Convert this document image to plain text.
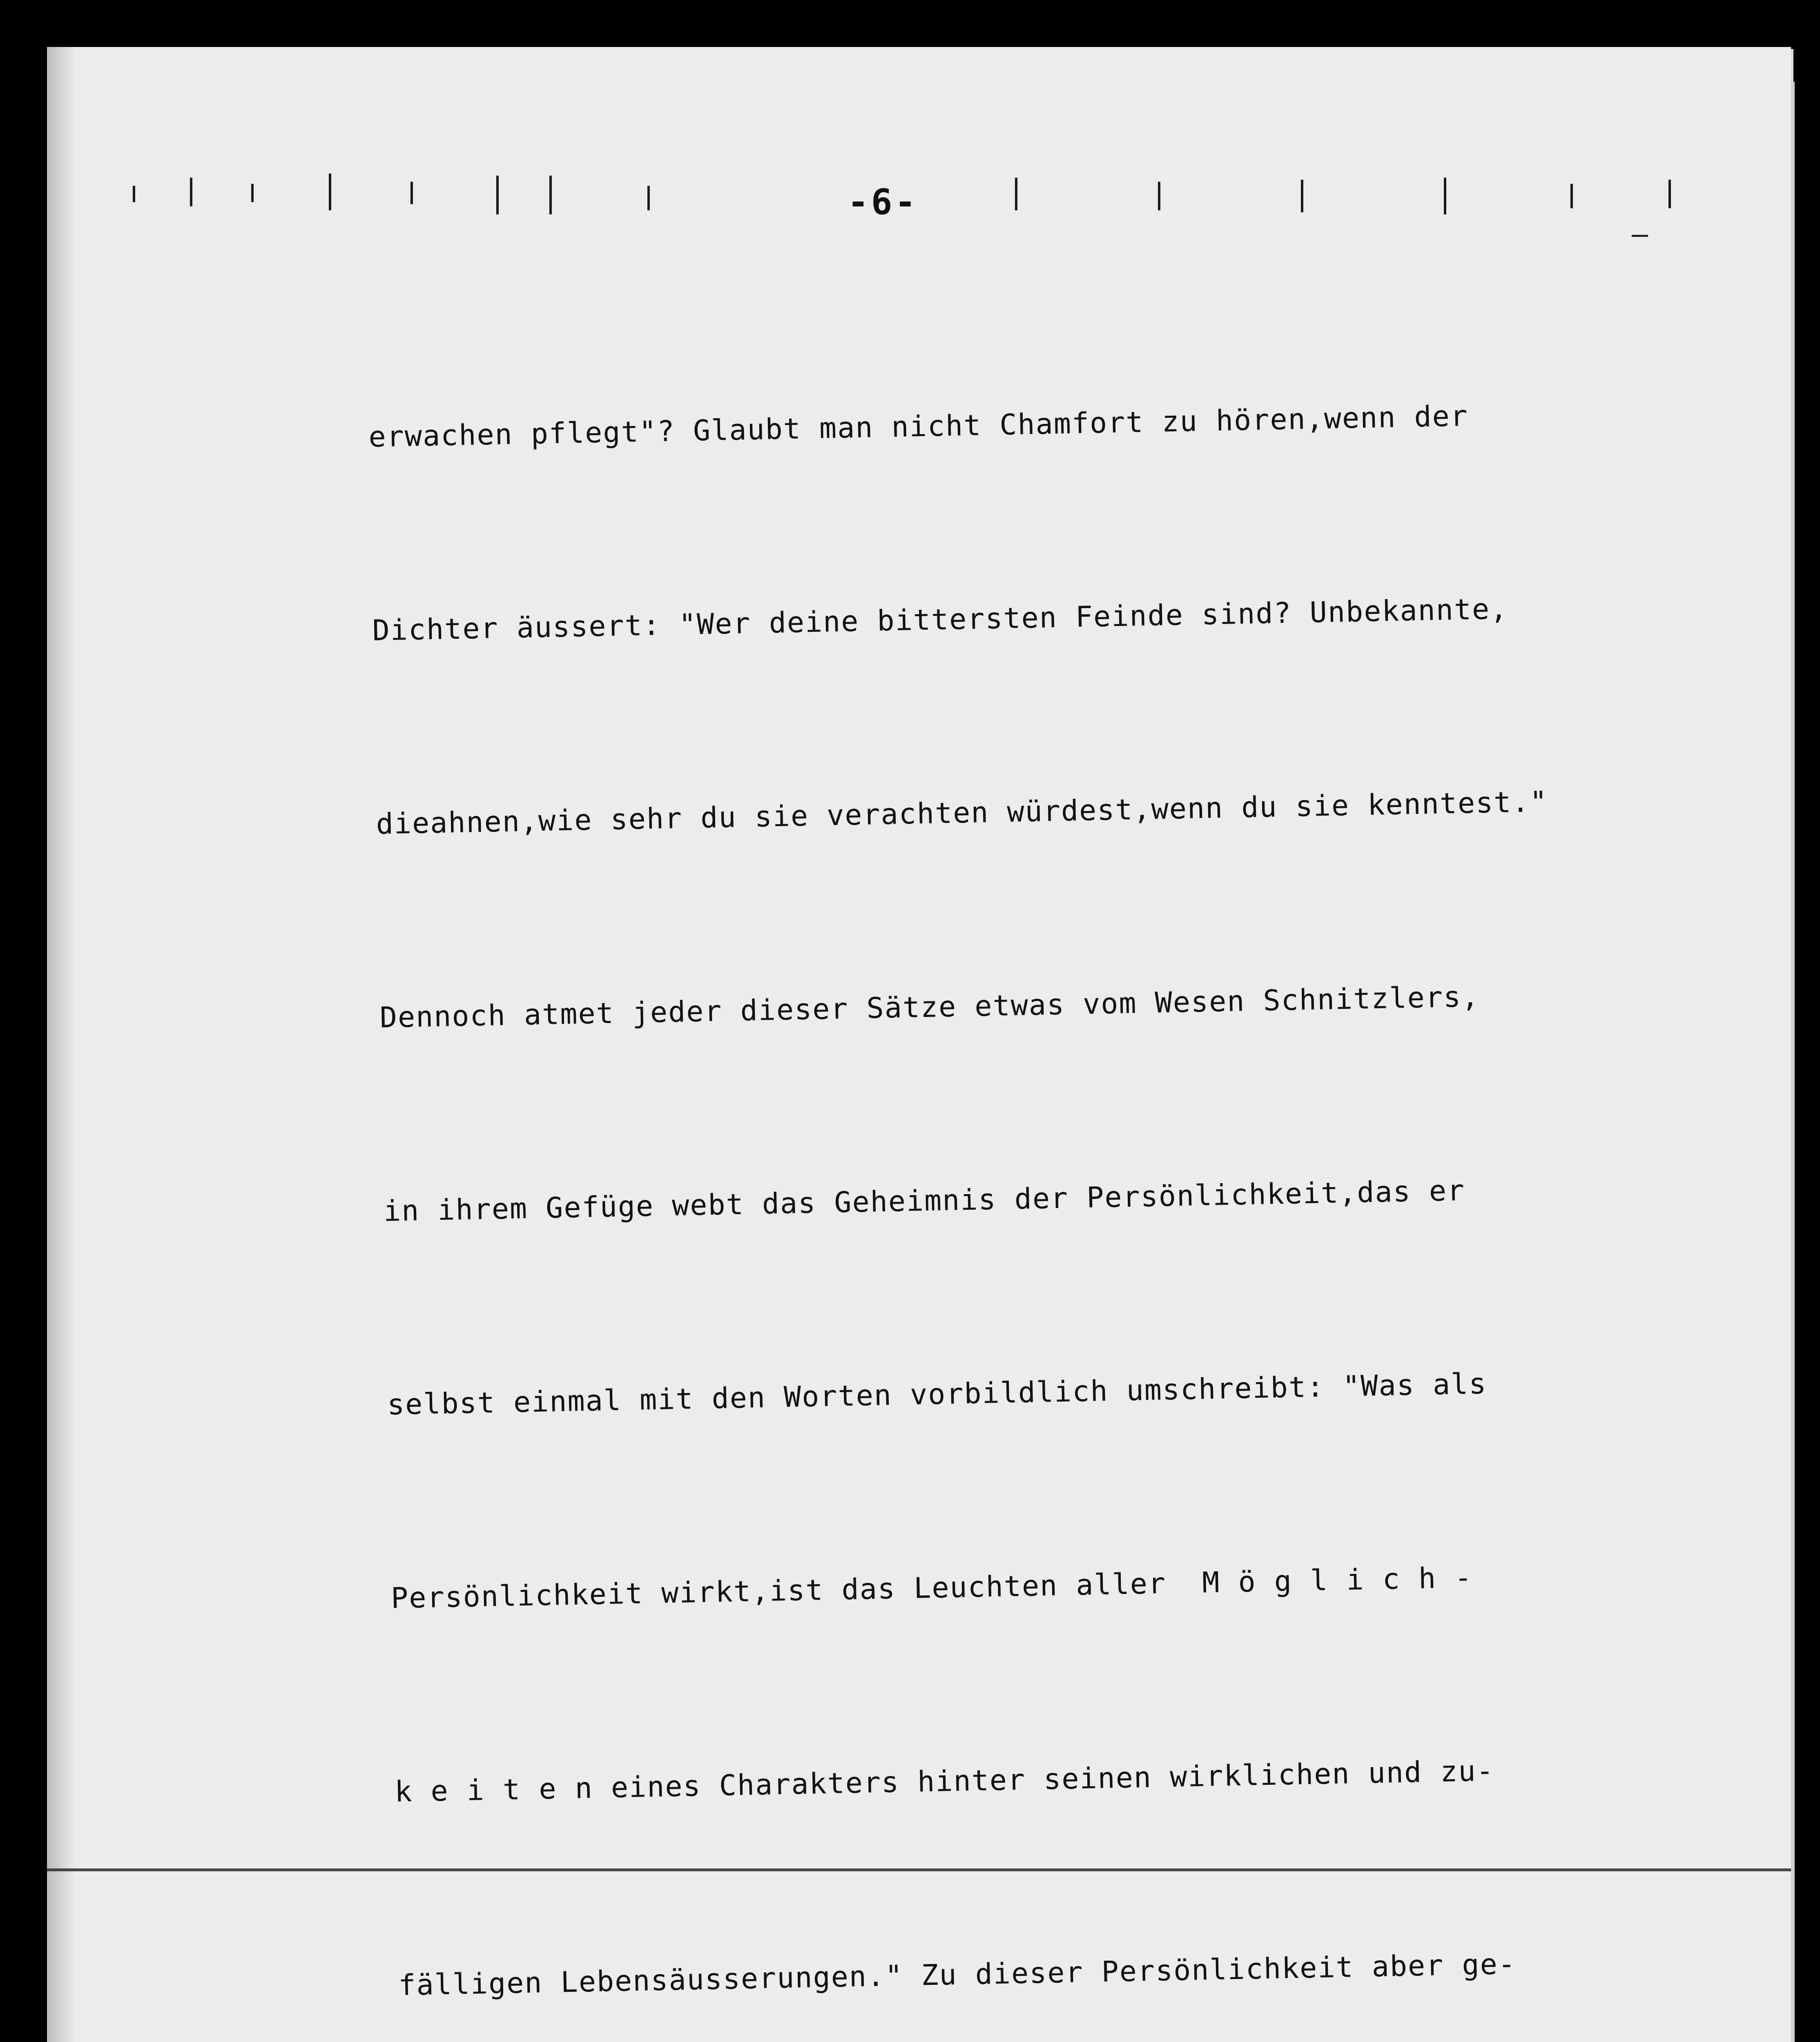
-6-

erwachen pflegt"? Glaubt man nicht Chamfort zu hören,wenn der

Dichter äussert: "Wer deine bittersten Feinde sind? Unbekannte,

dieahnen,wie sehr du sie verachten würdest,wenn du sie kenntest."

Dennoch atmet jeder dieser Sätze etwas vom Wesen Schnitzlers,

in ihrem Gefüge webt das Geheimnis der Persönlichkeit,das er

selbst einmal mit den Worten vorbildlich umschreibt: "Was als

Persönlichkeit wirkt,ist das Leuchten aller  M ö g l i c h -

k e i t e n eines Charakters hinter seinen wirklichen und zu-

fälligen Lebensäusserungen." Zu dieser Persönlichkeit aber ge-
